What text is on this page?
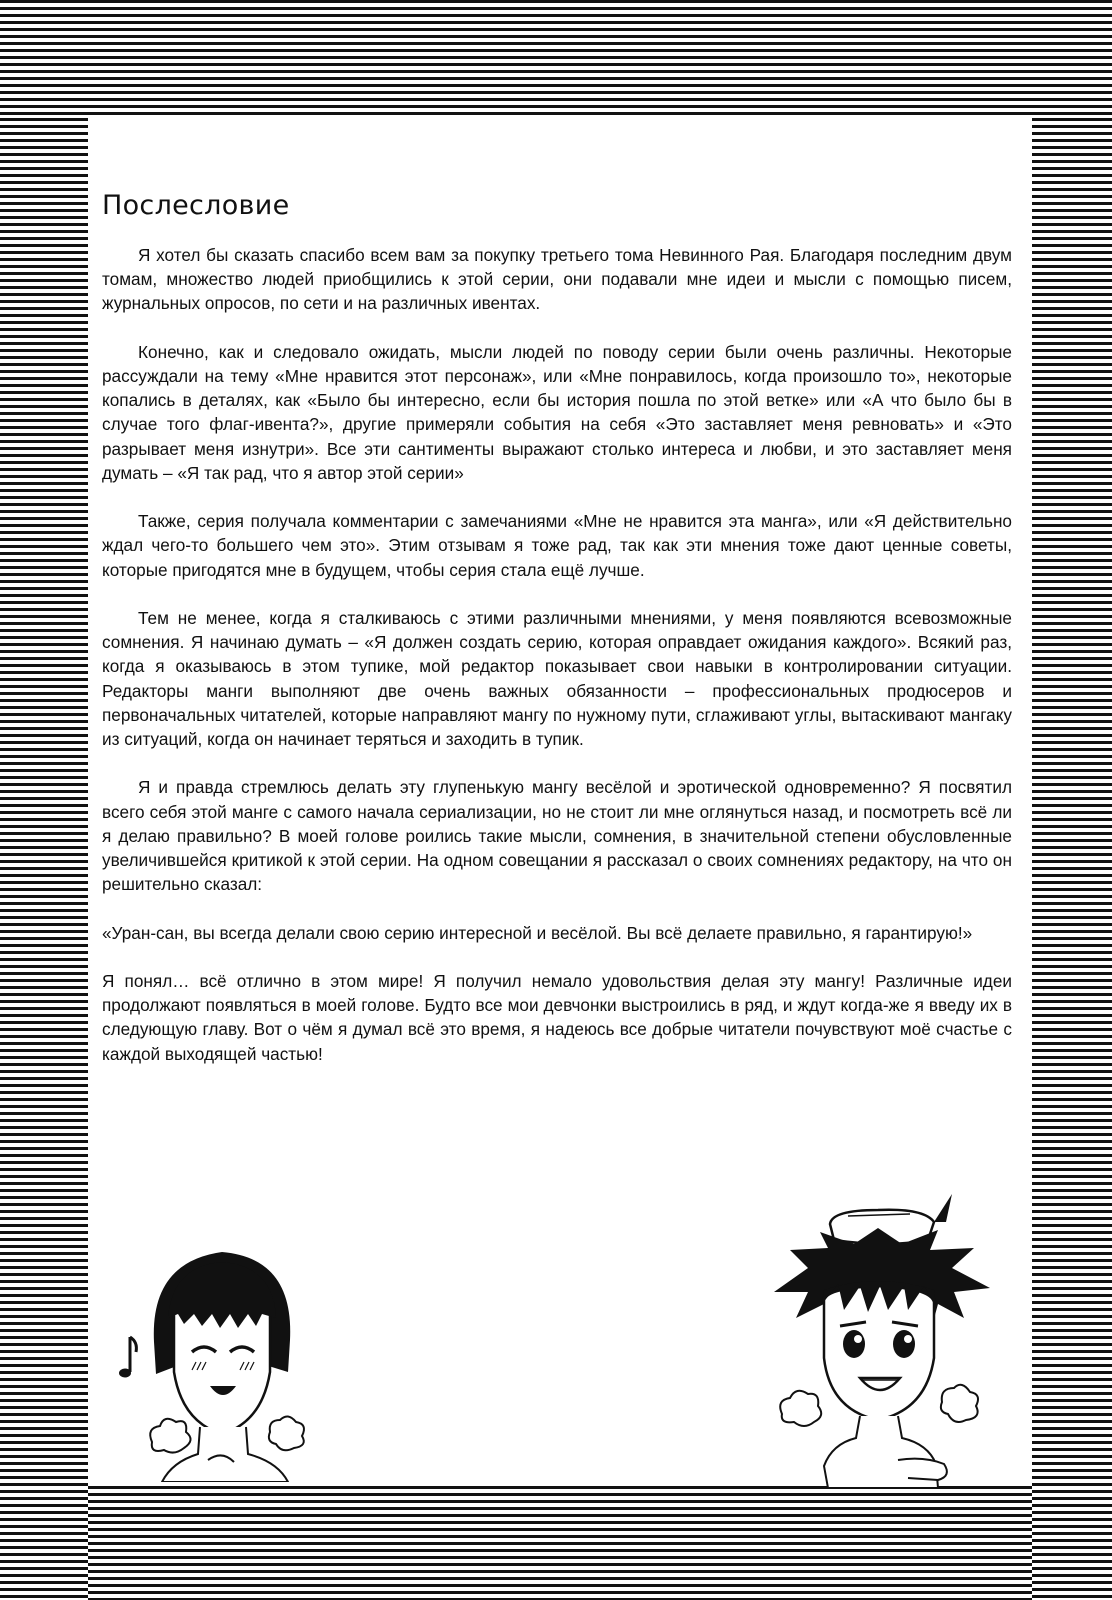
Послесловие

Я хотел бы сказать спасибо всем вам за покупку третьего тома Невинного Рая. Благодаря последним двум томам, множество людей приобщились к этой серии, они подавали мне идеи и мысли с помощью писем, журнальных опросов, по сети и на различных ивентах.

Конечно, как и следовало ожидать, мысли людей по поводу серии были очень различны. Некоторые рассуждали на тему «Мне нравится этот персонаж», или «Мне понравилось, когда произошло то», некоторые копались в деталях, как «Было бы интересно, если бы история пошла по этой ветке» или «А что было бы в случае того флаг-ивента?», другие примеряли события на себя «Это заставляет меня ревновать» и «Это разрывает меня изнутри». Все эти сантименты выражают столько интереса и любви, и это заставляет меня думать – «Я так рад, что я автор этой серии»

Также, серия получала комментарии с замечаниями «Мне не нравится эта манга», или «Я действительно ждал чего-то большего чем это». Этим отзывам я тоже рад, так как эти мнения тоже дают ценные советы, которые пригодятся мне в будущем, чтобы серия стала ещё лучше.

Тем не менее, когда я сталкиваюсь с этими различными мнениями, у меня появляются всевозможные сомнения. Я начинаю думать – «Я должен создать серию, которая оправдает ожидания каждого». Всякий раз, когда я оказываюсь в этом тупике, мой редактор показывает свои навыки в контролировании ситуации. Редакторы манги выполняют две очень важных обязанности – профессиональных продюсеров и первоначальных читателей, которые направляют мангу по нужному пути, сглаживают углы, вытаскивают мангаку из ситуаций, когда он начинает теряться и заходить в тупик.

Я и правда стремлюсь делать эту глупенькую мангу весёлой и эротической одновременно? Я посвятил всего себя этой манге с самого начала сериализации, но не стоит ли мне оглянуться назад, и посмотреть всё ли я делаю правильно? В моей голове роились такие мысли, сомнения, в значительной степени обусловленные увеличившейся критикой к этой серии. На одном совещании я рассказал о своих сомнениях редактору, на что он решительно сказал:

«Уран-сан, вы всегда делали свою серию интересной и весёлой. Вы всё делаете правильно, я гарантирую!»

Я понял… всё отлично в этом мире! Я получил немало удовольствия делая эту мангу! Различные идеи продолжают появляться в моей голове. Будто все мои девчонки выстроились в ряд, и ждут когда-же я введу их в следующую главу. Вот о чём я думал всё это время, я надеюсь все добрые читатели почувствуют моё счастье с каждой выходящей частью!
